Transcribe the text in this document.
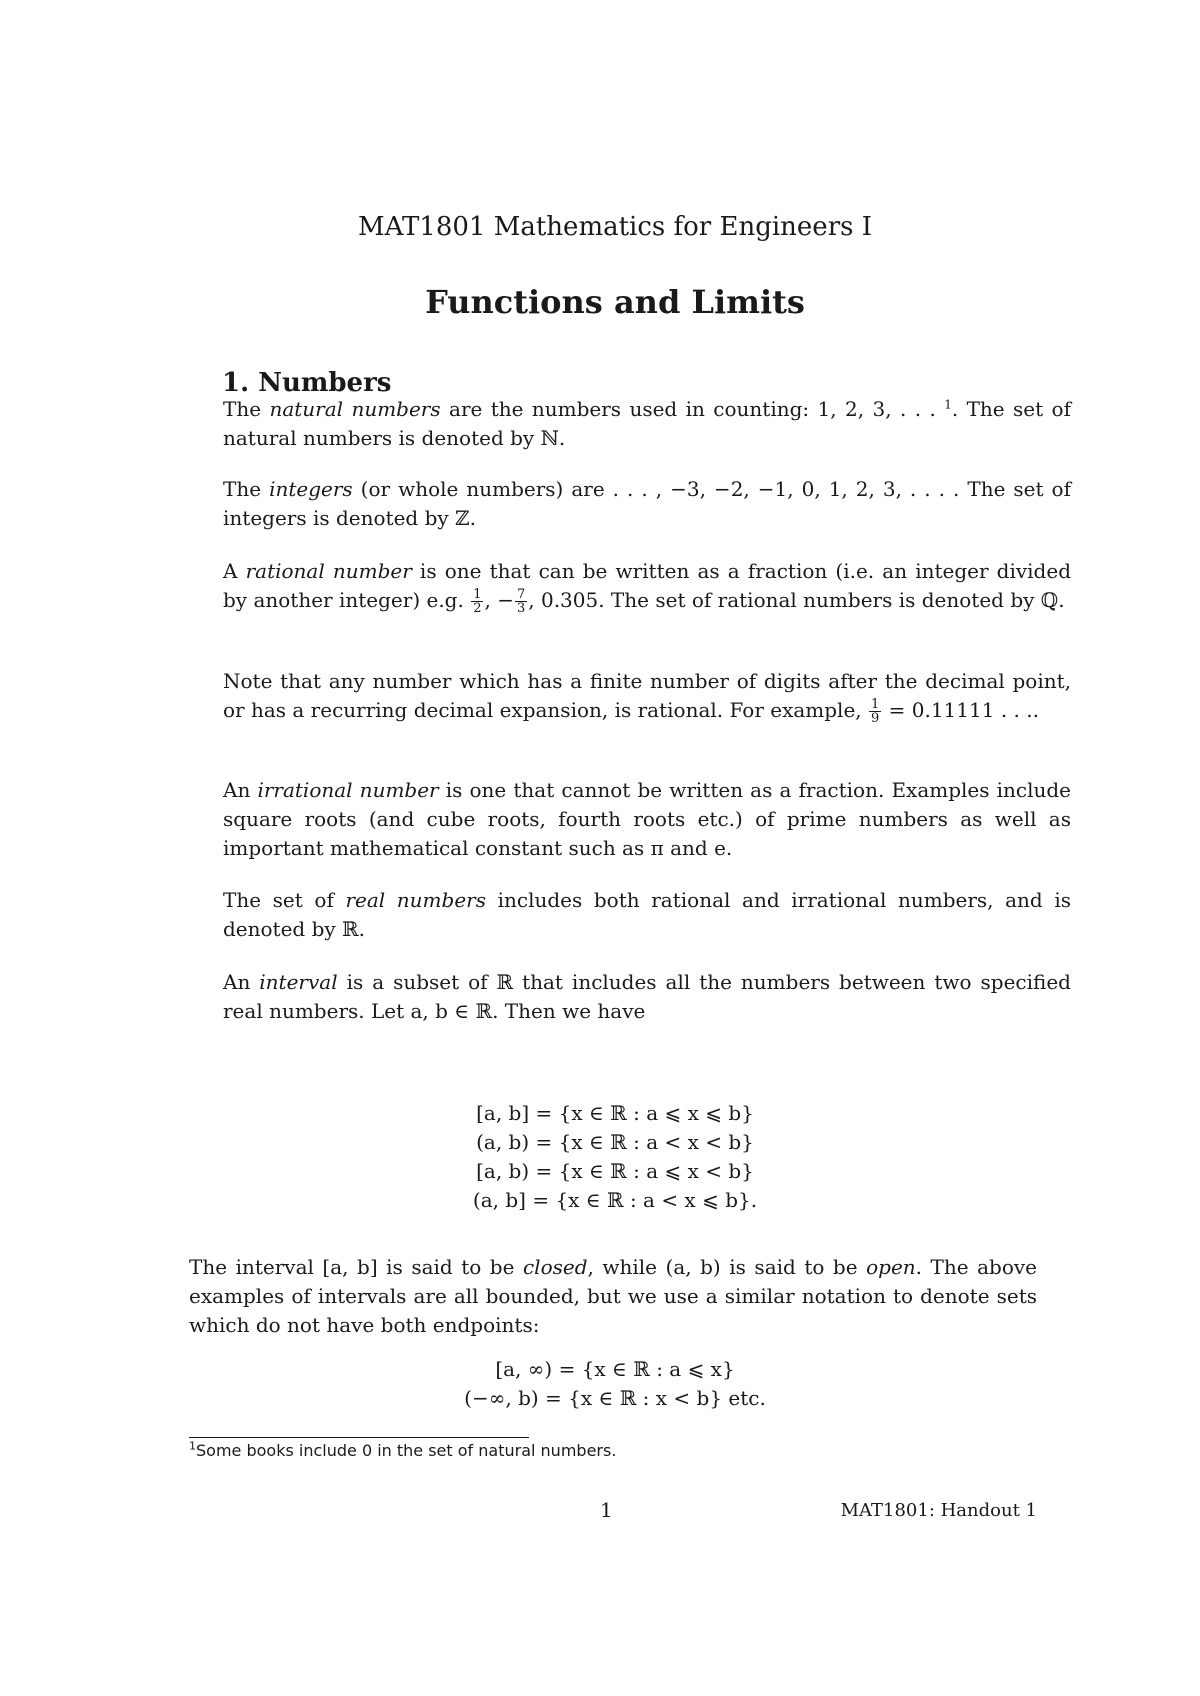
MAT1801 Mathematics for Engineers I
Functions and Limits
1. Numbers

The natural numbers are the numbers used in counting: 1, 2, 3, . . . $^1$. The set of natural numbers is denoted by ℕ.

The integers (or whole numbers) are . . . , −3, −2, −1, 0, 1, 2, 3, . . . . The set of integers is denoted by ℤ.

A rational number is one that can be written as a fraction (i.e. an integer divided by another integer) e.g. $\frac{1}{2}$ , − $\frac{7}{3}$ , 0.305. The set of rational numbers is denoted by ℚ.

Note that any number which has a finite number of digits after the decimal point, or has a recurring decimal expansion, is rational. For example, $\frac{1}{9} = 0.11111$ . . ..

An irrational number is one that cannot be written as a fraction. Examples include square roots (and cube roots, fourth roots etc.) of prime numbers as well as important mathematical constant such as π and e.

The set of real numbers includes both rational and irrational numbers, and is denoted by ℝ.

An interval is a subset of ℝ that includes all the numbers between two specified real numbers. Let a, b ∈ ℝ. Then we have

[a, b] = {x ∈ ℝ : a ⩽ x ⩽ b}
(a, b) = {x ∈ ℝ : a < x < b}
[a, b) = {x ∈ ℝ : a ⩽ x < b}
(a, b] = {x ∈ ℝ : a < x ⩽ b}.

The interval [a, b] is said to be closed, while (a, b) is said to be open. The above examples of intervals are all bounded, but we use a similar notation to denote sets which do not have both endpoints:

[a, ∞) = {x ∈ ℝ : a ⩽ x}
(−∞, b) = {x ∈ ℝ : x < b} etc.
$^1$Some books include 0 in the set of natural numbers.
1	MAT1801: Handout 1
